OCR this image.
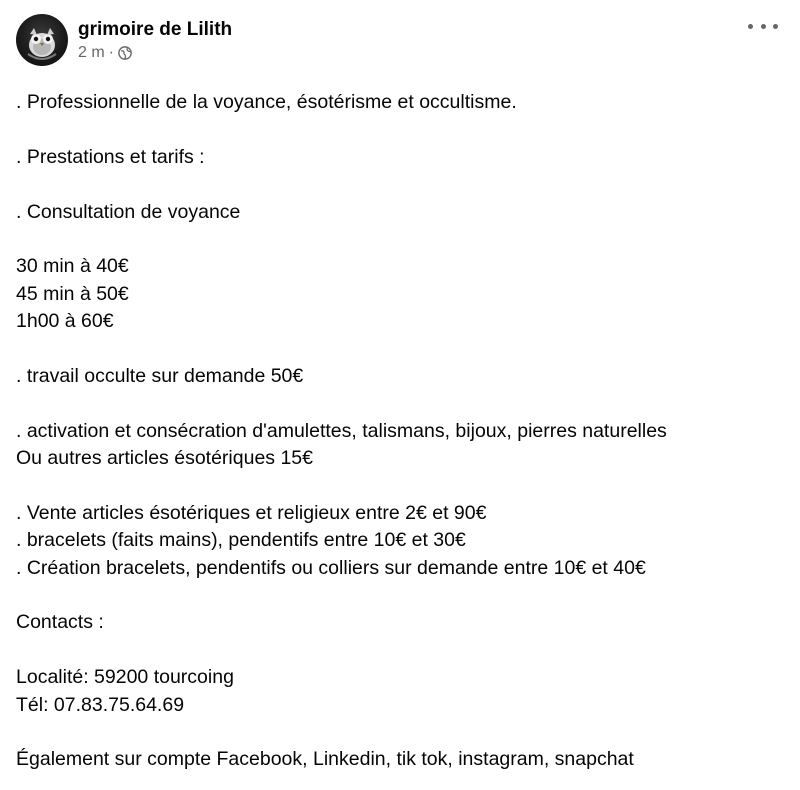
grimoire de Lilith
2 m ·
. Professionnelle de la voyance, ésotérisme et occultisme.
. Prestations et tarifs :
. Consultation de voyance
30 min à 40€
45 min à 50€
1h00 à 60€
. travail occulte sur demande 50€
. activation et consécration d'amulettes, talismans, bijoux, pierres naturelles
Ou autres articles ésotériques 15€
. Vente articles ésotériques et religieux entre 2€ et 90€
. bracelets (faits mains), pendentifs entre 10€ et 30€
. Création bracelets, pendentifs ou colliers sur demande entre 10€ et 40€
Contacts :
Localité: 59200 tourcoing
Tél: 07.83.75.64.69
Également sur compte Facebook, Linkedin, tik tok, instagram, snapchat
